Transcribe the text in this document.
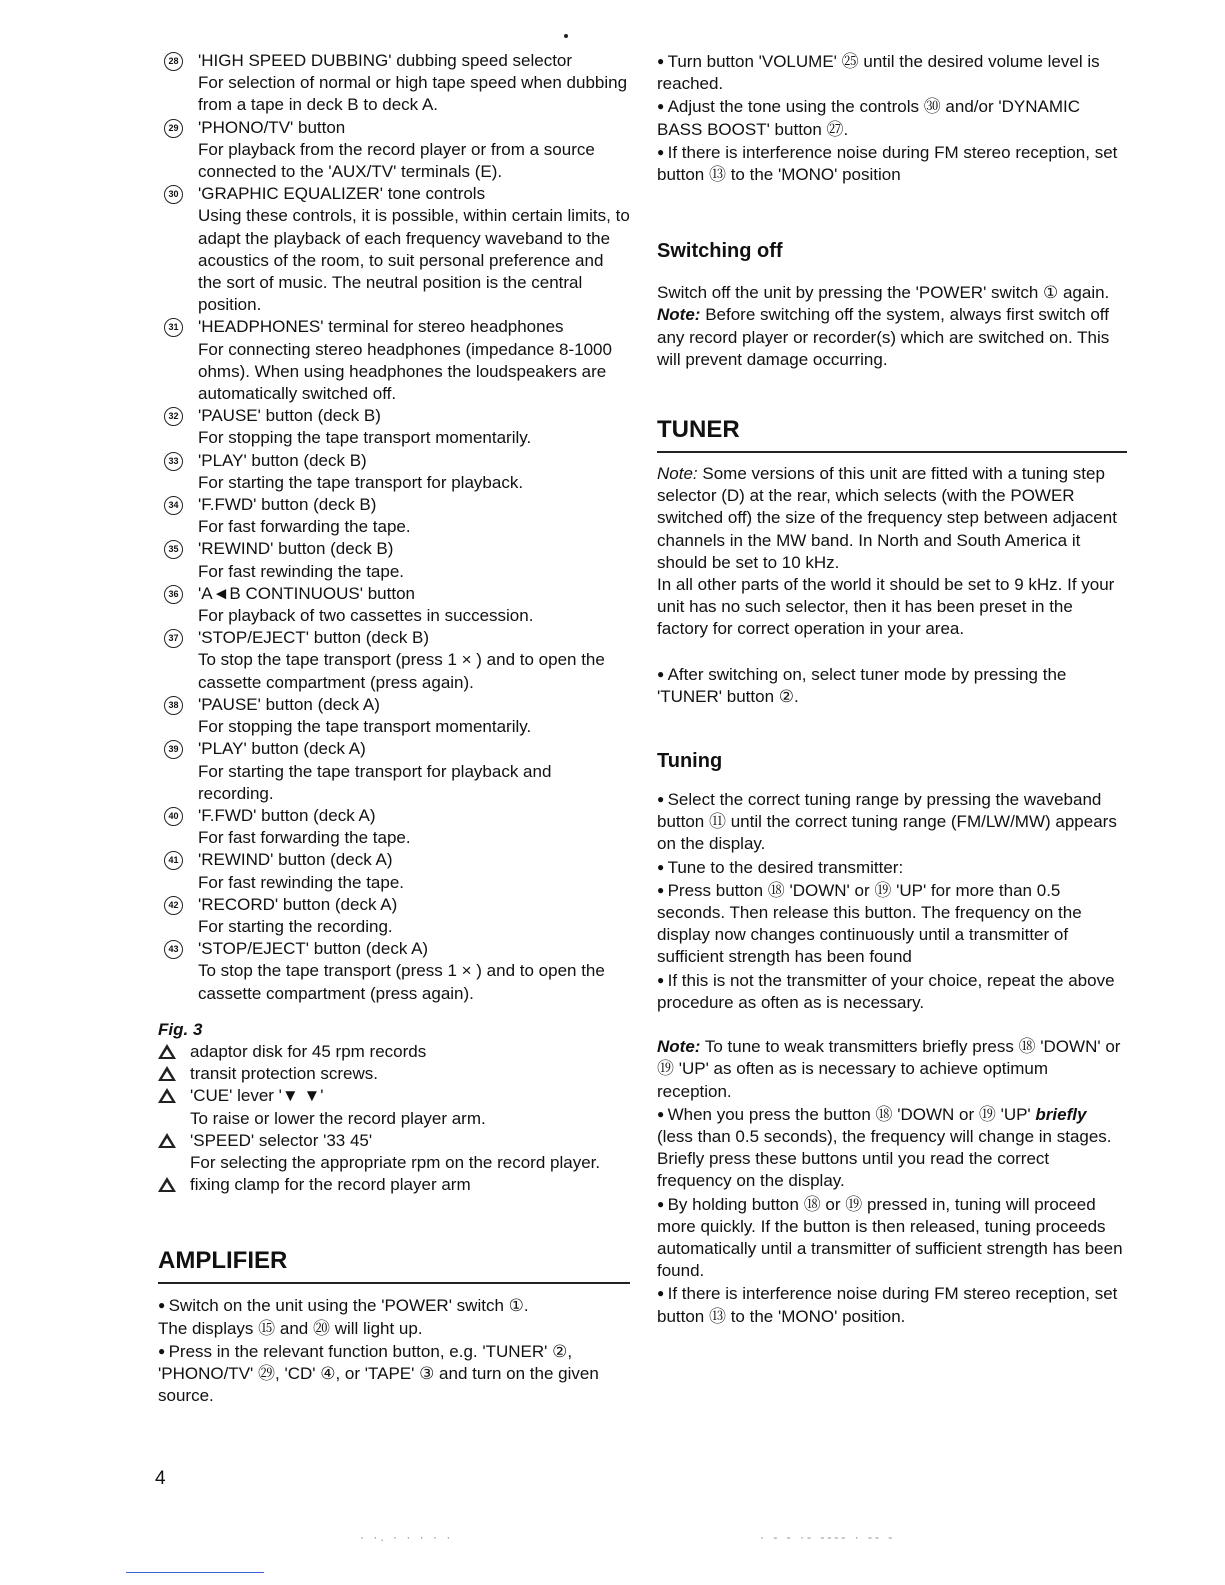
28 'HIGH SPEED DUBBING' dubbing speed selector
For selection of normal or high tape speed when dubbing from a tape in deck B to deck A.
29 'PHONO/TV' button
For playback from the record player or from a source connected to the 'AUX/TV' terminals (E).
30 'GRAPHIC EQUALIZER' tone controls
Using these controls, it is possible, within certain limits, to adapt the playback of each frequency waveband to the acoustics of the room, to suit personal preference and the sort of music. The neutral position is the central position.
31 'HEADPHONES' terminal for stereo headphones
For connecting stereo headphones (impedance 8-1000 ohms). When using headphones the loudspeakers are automatically switched off.
32 'PAUSE' button (deck B)
For stopping the tape transport momentarily.
33 'PLAY' button (deck B)
For starting the tape transport for playback.
34 'F.FWD' button (deck B)
For fast forwarding the tape.
35 'REWIND' button (deck B)
For fast rewinding the tape.
36 'A◄B CONTINUOUS' button
For playback of two cassettes in succession.
37 'STOP/EJECT' button (deck B)
To stop the tape transport (press 1 × ) and to open the cassette compartment (press again).
38 'PAUSE' button (deck A)
For stopping the tape transport momentarily.
39 'PLAY' button (deck A)
For starting the tape transport for playback and recording.
40 'F.FWD' button (deck A)
For fast forwarding the tape.
41 'REWIND' button (deck A)
For fast rewinding the tape.
42 'RECORD' button (deck A)
For starting the recording.
43 'STOP/EJECT' button (deck A)
To stop the tape transport (press 1 × ) and to open the cassette compartment (press again).
Fig. 3
adaptor disk for 45 rpm records
transit protection screws.
'CUE' lever '▼ ▼'
To raise or lower the record player arm.
'SPEED' selector '33 45'
For selecting the appropriate rpm on the record player.
fixing clamp for the record player arm
AMPLIFIER

● Switch on the unit using the 'POWER' switch ①.

The displays ⑮ and ⑳ will light up.

● Press in the relevant function button, e.g. 'TUNER' ②, 'PHONO/TV' ㉙, 'CD' ④, or 'TAPE' ③ and turn on the given source.

● Turn button 'VOLUME' ㉕ until the desired volume level is reached.

● Adjust the tone using the controls ㉚ and/or 'DYNAMIC BASS BOOST' button ㉗.

● If there is interference noise during FM stereo reception, set button ⑬ to the 'MONO' position

Switching off

Switch off the unit by pressing the 'POWER' switch ① again.

Note: Before switching off the system, always first switch off any record player or recorder(s) which are switched on. This will prevent damage occurring.

TUNER

Note: Some versions of this unit are fitted with a tuning step selector (D) at the rear, which selects (with the POWER switched off) the size of the frequency step between adjacent channels in the MW band. In North and South America it should be set to 10 kHz.

In all other parts of the world it should be set to 9 kHz. If your unit has no such selector, then it has been preset in the factory for correct operation in your area.

● After switching on, select tuner mode by pressing the 'TUNER' button ②.

Tuning

● Select the correct tuning range by pressing the waveband button ⑪ until the correct tuning range (FM/LW/MW) appears on the display.

● Tune to the desired transmitter:

● Press button ⑱ 'DOWN' or ⑲ 'UP' for more than 0.5 seconds. Then release this button. The frequency on the display now changes continuously until a transmitter of sufficient strength has been found

● If this is not the transmitter of your choice, repeat the above procedure as often as is necessary.

Note: To tune to weak transmitters briefly press ⑱ 'DOWN' or ⑲ 'UP' as often as is necessary to achieve optimum reception.

● When you press the button ⑱ 'DOWN or ⑲ 'UP' briefly (less than 0.5 seconds), the frequency will change in stages. Briefly press these buttons until you read the correct frequency on the display.

● By holding button ⑱ or ⑲ pressed in, tuning will proceed more quickly. If the button is then released, tuning proceeds automatically until a transmitter of sufficient strength has been found.

● If there is interference noise during FM stereo reception, set button ⑬ to the 'MONO' position.

4
· ·. · · · · ·	· - - ·- ---- · -- -
